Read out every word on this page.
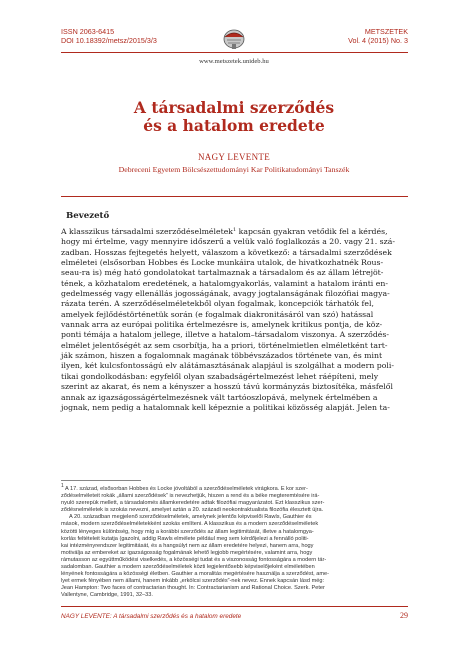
ISSN 2063-6415
DOI 10.18392/metsz/2015/3/3
METSZETEK
Vol. 4 (2015) No. 3
www.metszetek.unideb.hu
A társadalmi szerződés
és a hatalom eredete
NAGY LEVENTE
Debreceni Egyetem Bölcsészettudományi Kar Politikatudományi Tanszék
Bevezető

A klasszikus társadalmi szerződéselméletek$^1$ kapcsán gyakran vetődik fel a kérdés,

hogy mi értelme, vagy mennyire időszerű a velük való foglalkozás a 20. vagy 21. szá-

zadban. Hosszas fejtegetés helyett, válaszom a következő: a társadalmi szerződések

elméletei (elsősorban Hobbes és Locke munkáira utalok, de hivatkozhatnék Rous-

seau-ra is) még ható gondolatokat tartalmaznak a társadalom és az állam létrejöt-

tének, a közhatalom eredetének, a hatalomgyakorlás, valamint a hatalom iránti en-

gedelmesség vagy ellenállás jogosságának, avagy jogtalanságának filozófiai magya-

rázata terén. A szerződéselméletekből olyan fogalmak, koncepciók tárhatók fel,

amelyek fejlődéstörténetük során (e fogalmak diakronitásáról van szó) hatással

vannak arra az európai politika értelmezésre is, amelynek kritikus pontja, de köz-

ponti témája a hatalom jellege, illetve a hatalom–társadalom viszonya. A szerződés-

elmélet jelentőségét az sem csorbítja, ha a priori, történelmietlen elméletként tart-

ják számon, hiszen a fogalomnak magának többévszázados története van, és mint

ilyen, két kulcsfontosságú elv alátámasztásának alapjául is szolgálhat a modern poli-

tikai gondolkodásban: egyfelől olyan szabadságértelmezést lehet ráépíteni, mely

szerint az akarat, és nem a kényszer a hosszú távú kormányzás biztosítéka, másfelől

annak az igazságosságértelmezésnek vált tartóoszlopává, melynek értelmében a

jognak, nem pedig a hatalomnak kell képeznie a politikai közösség alapját. Jelen ta-

$^1$ A 17. század, elsősorban Hobbes és Locke jóvoltából a szerződéselméletek virágkora. E kor szer-
ződéselméleteit rokák „állami szerződések” is nevezhetjük, hiszen a rend és a béke megteremtésére irá-
nyuló szerepük mellett, a társadalomés államkeredetére adtak filozófiai magyarázatot. Ezt klasszikus szer-
ződésnelméletek is szokás nevezni, amelyet aztán a 20. századi neokontraktualista filozófia élesztett újra.
A 20. században megjelenő szerződéselméletek, amelynek jelentős képviselői Rawls, Gauthier és
mások, modern szerződéselméletekként szokás említeni. A klasszikus és a modern szerződéselméletek
közötti lényeges különbség, hogy míg a korábbi szerződés az állam legitimitását, illetve a hatalomgya-
korlás feltételeit kutatja (gazolni, addig Rawls elmélete például meg sem kérdőjelezi a fennálló politi-
kai intézményrendszer legitimitását, és a hangsúlyt nem az állam eredetére helyezi, hanem arra, hogy
motiválja az embereket az igazságosság fogalmának lehető legjobb megértésére, valamint arra, hogy
rámutasson az együttműködési viselkedés, a közösségi tudat és a viszonosság fontosságára a modern tár-
sadalomban. Gauthier a modern szerződéselméletek közti legjelentősebb képviselőjeként elméletében
lényének fontosságára a közösségi életben. Gauthier a moralitás megértésére használja a szerződést, ame-
lyet ermek fényében nem állami, hanem inkább „erkölcsi szerződés”-nek nevez. Ennek kapcsán lásd még:
Jean Hampton: Two faces of contractarian thought. In: Contractarianism and Rational Choice. Szerk. Peter
Vallentyne, Cambridge, 1991, 32–33.
NAGY LEVENTE: A társadalmi szerződés és a hatalom eredete	29
